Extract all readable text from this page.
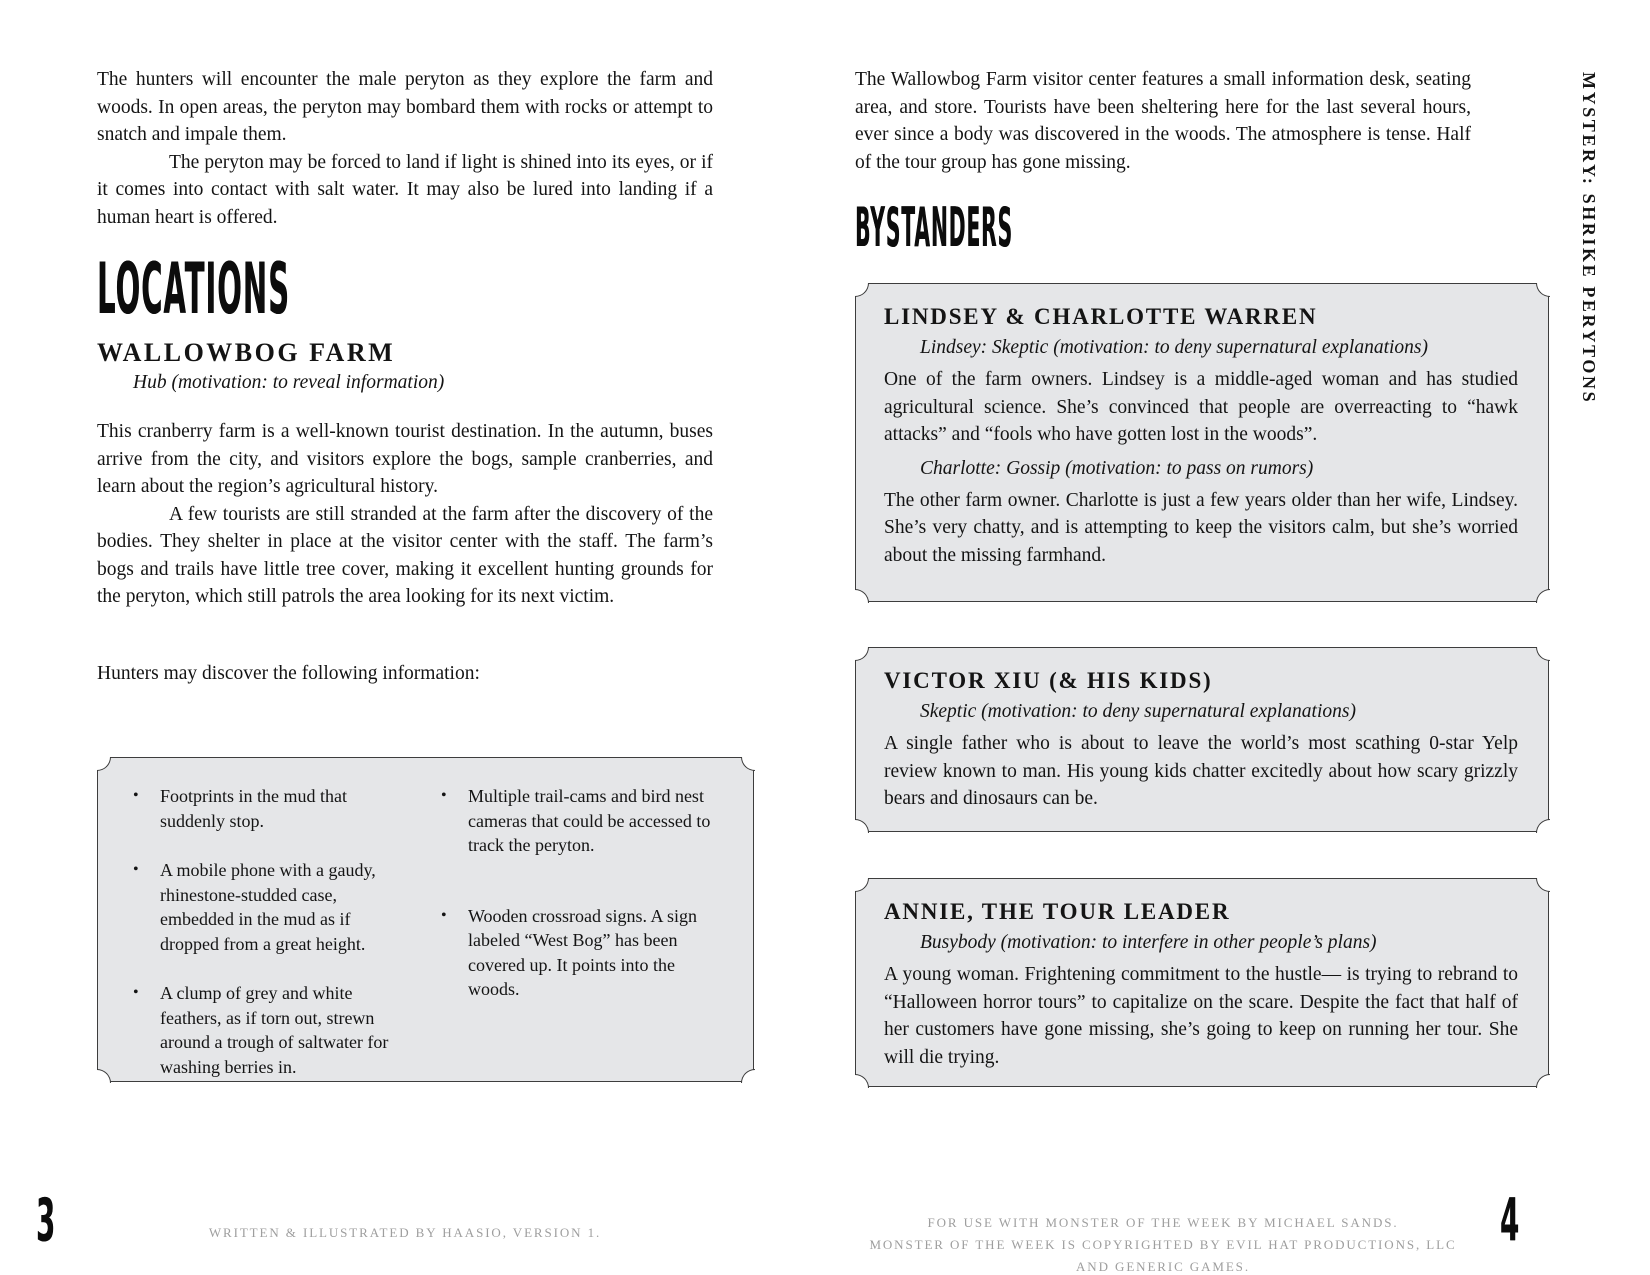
The hunters will encounter the male peryton as they explore the farm and woods. In open areas, the peryton may bombard them with rocks or attempt to snatch and impale them.

The peryton may be forced to land if light is shined into its eyes, or if it comes into contact with salt water. It may also be lured into landing if a human heart is offered.

LOCATIONS
WALLOWBOG FARM
Hub (motivation: to reveal information)

This cranberry farm is a well-known tourist destination. In the autumn, buses arrive from the city, and visitors explore the bogs, sample cranberries, and learn about the region’s agricultural history.

A few tourists are still stranded at the farm after the discovery of the bodies. They shelter in place at the visitor center with the staff. The farm’s bogs and trails have little tree cover, making it excellent hunting grounds for the peryton, which still patrols the area looking for its next victim.

Hunters may discover the following information:
• Footprints in the mud that suddenly stop.
• A mobile phone with a gaudy, rhinestone-studded case, embedded in the mud as if dropped from a great height.
• A clump of grey and white feathers, as if torn out, strewn around a trough of saltwater for washing berries in.
• Multiple trail-cams and bird nest cameras that could be accessed to track the peryton.
• Wooden crossroad signs. A sign labeled “West Bog” has been covered up. It points into the woods.
3	WRITTEN & ILLUSTRATED BY HAASIO, VERSION 1.
The Wallowbog Farm visitor center features a small information desk, seating area, and store. Tourists have been sheltering here for the last several hours, ever since a body was discovered in the woods. The atmosphere is tense. Half of the tour group has gone missing.
BYSTANDERS
LINDSEY & CHARLOTTE WARREN
Lindsey: Skeptic (motivation: to deny supernatural explanations)

One of the farm owners. Lindsey is a middle-aged woman and has studied agricultural science. She’s convinced that people are overreacting to “hawk attacks” and “fools who have gotten lost in the woods”.

Charlotte: Gossip (motivation: to pass on rumors)

The other farm owner. Charlotte is just a few years older than her wife, Lindsey. She’s very chatty, and is attempting to keep the visitors calm, but she’s worried about the missing farmhand.

VICTOR XIU (& HIS KIDS)
Skeptic (motivation: to deny supernatural explanations)

A single father who is about to leave the world’s most scathing 0-star Yelp review known to man. His young kids chatter excitedly about how scary grizzly bears and dinosaurs can be.

ANNIE, THE TOUR LEADER
Busybody (motivation: to interfere in other people’s plans)

A young woman. Frightening commitment to the hustle— is trying to rebrand to “Halloween horror tours” to capitalize on the scare. Despite the fact that half of her customers have gone missing, she’s going to keep on running her tour. She will die trying.

FOR USE WITH MONSTER OF THE WEEK BY MICHAEL SANDS.
MONSTER OF THE WEEK IS COPYRIGHTED BY EVIL HAT PRODUCTIONS, LLC AND GENERIC GAMES.
4
MYSTERY: SHRIKE PERYTONS
